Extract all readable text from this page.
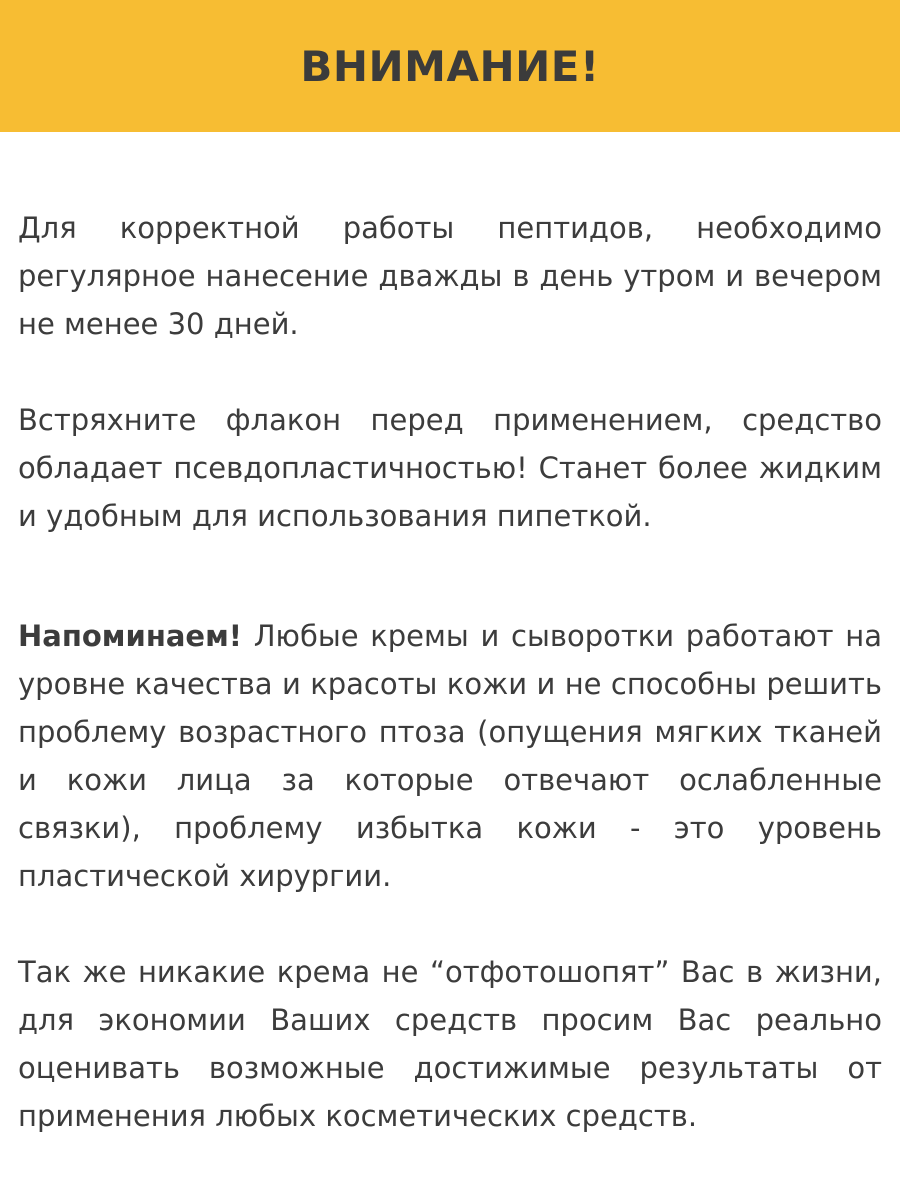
ВНИМАНИЕ!

Для корректной работы пептидов, необходимо регулярное нанесение дважды в день утром и вечером не менее 30 дней.

Встряхните флакон перед применением, средство обладает псевдопластичностью! Станет более жидким и удобным для использования пипеткой.

Напоминаем! Любые кремы и сыворотки работают на уровне качества и красоты кожи и не способны решить проблему возрастного птоза (опущения мягких тканей и кожи лица за которые отвечают ослабленные связки), проблему избытка кожи - это уровень пластической хирургии.

Так же никакие крема не “отфотошопят” Вас в жизни, для экономии Ваших средств просим Вас реально оценивать возможные достижимые результаты от применения любых косметических средств.
